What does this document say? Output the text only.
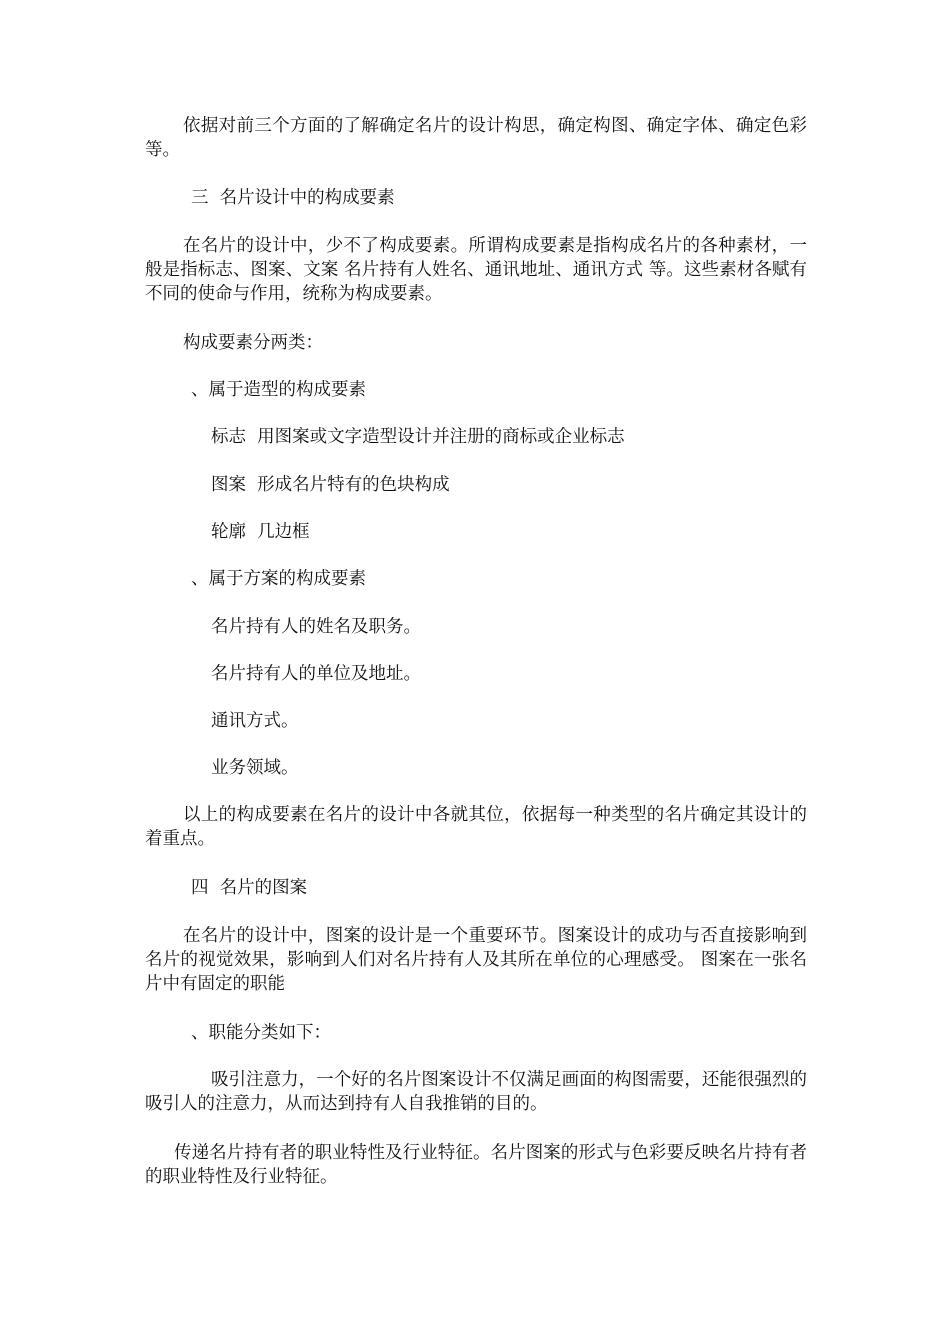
依据对前三个方面的了解确定名片的设计构思，确定构图、确定字体、确定色彩等。

三  名片设计中的构成要素

在名片的设计中，少不了构成要素。所谓构成要素是指构成名片的各种素材，一般是指标志、图案、文案 名片持有人姓名、通讯地址、通讯方式 等。这些素材各赋有不同的使命与作用，统称为构成要素。

构成要素分两类：

、属于造型的构成要素

标志  用图案或文字造型设计并注册的商标或企业标志

图案  形成名片特有的色块构成

轮廓  几边框

、属于方案的构成要素

名片持有人的姓名及职务。

名片持有人的单位及地址。

通讯方式。

业务领域。

以上的构成要素在名片的设计中各就其位，依据每一种类型的名片确定其设计的着重点。

四  名片的图案

在名片的设计中，图案的设计是一个重要环节。图案设计的成功与否直接影响到名片的视觉效果，影响到人们对名片持有人及其所在单位的心理感受。 图案在一张名片中有固定的职能

、职能分类如下：

吸引注意力，一个好的名片图案设计不仅满足画面的构图需要，还能很强烈的吸引人的注意力，从而达到持有人自我推销的目的。

传递名片持有者的职业特性及行业特征。名片图案的形式与色彩要反映名片持有者的职业特性及行业特征。
